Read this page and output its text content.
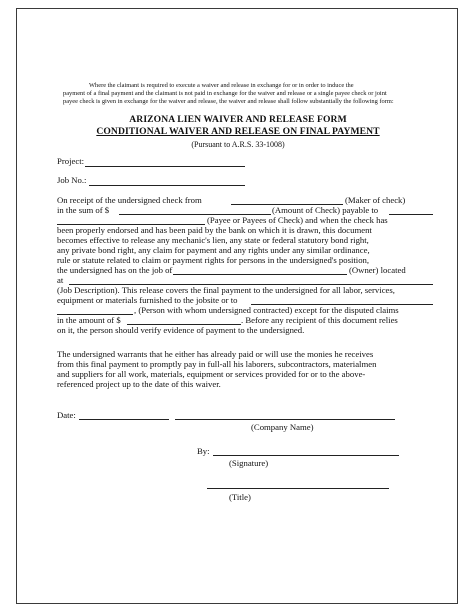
Where the claimant is required to execute a waiver and release in exchange for or in order to induce the
payment of a final payment and the claimant is not paid in exchange for the waiver and release or a single payee check or joint
payee check is given in exchange for the waiver and release, the waiver and release shall follow substantially the following form:
ARIZONA LIEN WAIVER AND RELEASE FORM
CONDITIONAL WAIVER AND RELEASE ON FINAL PAYMENT
(Pursuant to A.R.S. 33-1008)
Project:
Job No.:
On receipt of the undersigned check from	(Maker of check)
in the sum of $	(Amount of Check) payable to
(Payee or Payees of Check) and when the check has
been properly endorsed and has been paid by the bank on which it is drawn, this document
becomes effective to release any mechanic's lien, any state or federal statutory bond right,
any private bond right, any claim for payment and any rights under any similar ordinance,
rule or statute related to claim or payment rights for persons in the undersigned's position,
the undersigned has on the job of	(Owner) located
at
(Job Description). This release covers the final payment to the undersigned for all labor, services,
equipment or materials furnished to the jobsite or to
, (Person with whom undersigned contracted) except for the disputed claims
in the amount of $	. Before any recipient of this document relies
on it, the person should verify evidence of payment to the undersigned.
The undersigned warrants that he either has already paid or will use the monies he receives
from this final payment to promptly pay in full-all his laborers, subcontractors, materialmen
and suppliers for all work, materials, equipment or services provided for or to the above-
referenced project up to the date of this waiver.
Date:
(Company Name)
By:
(Signature)
(Title)
